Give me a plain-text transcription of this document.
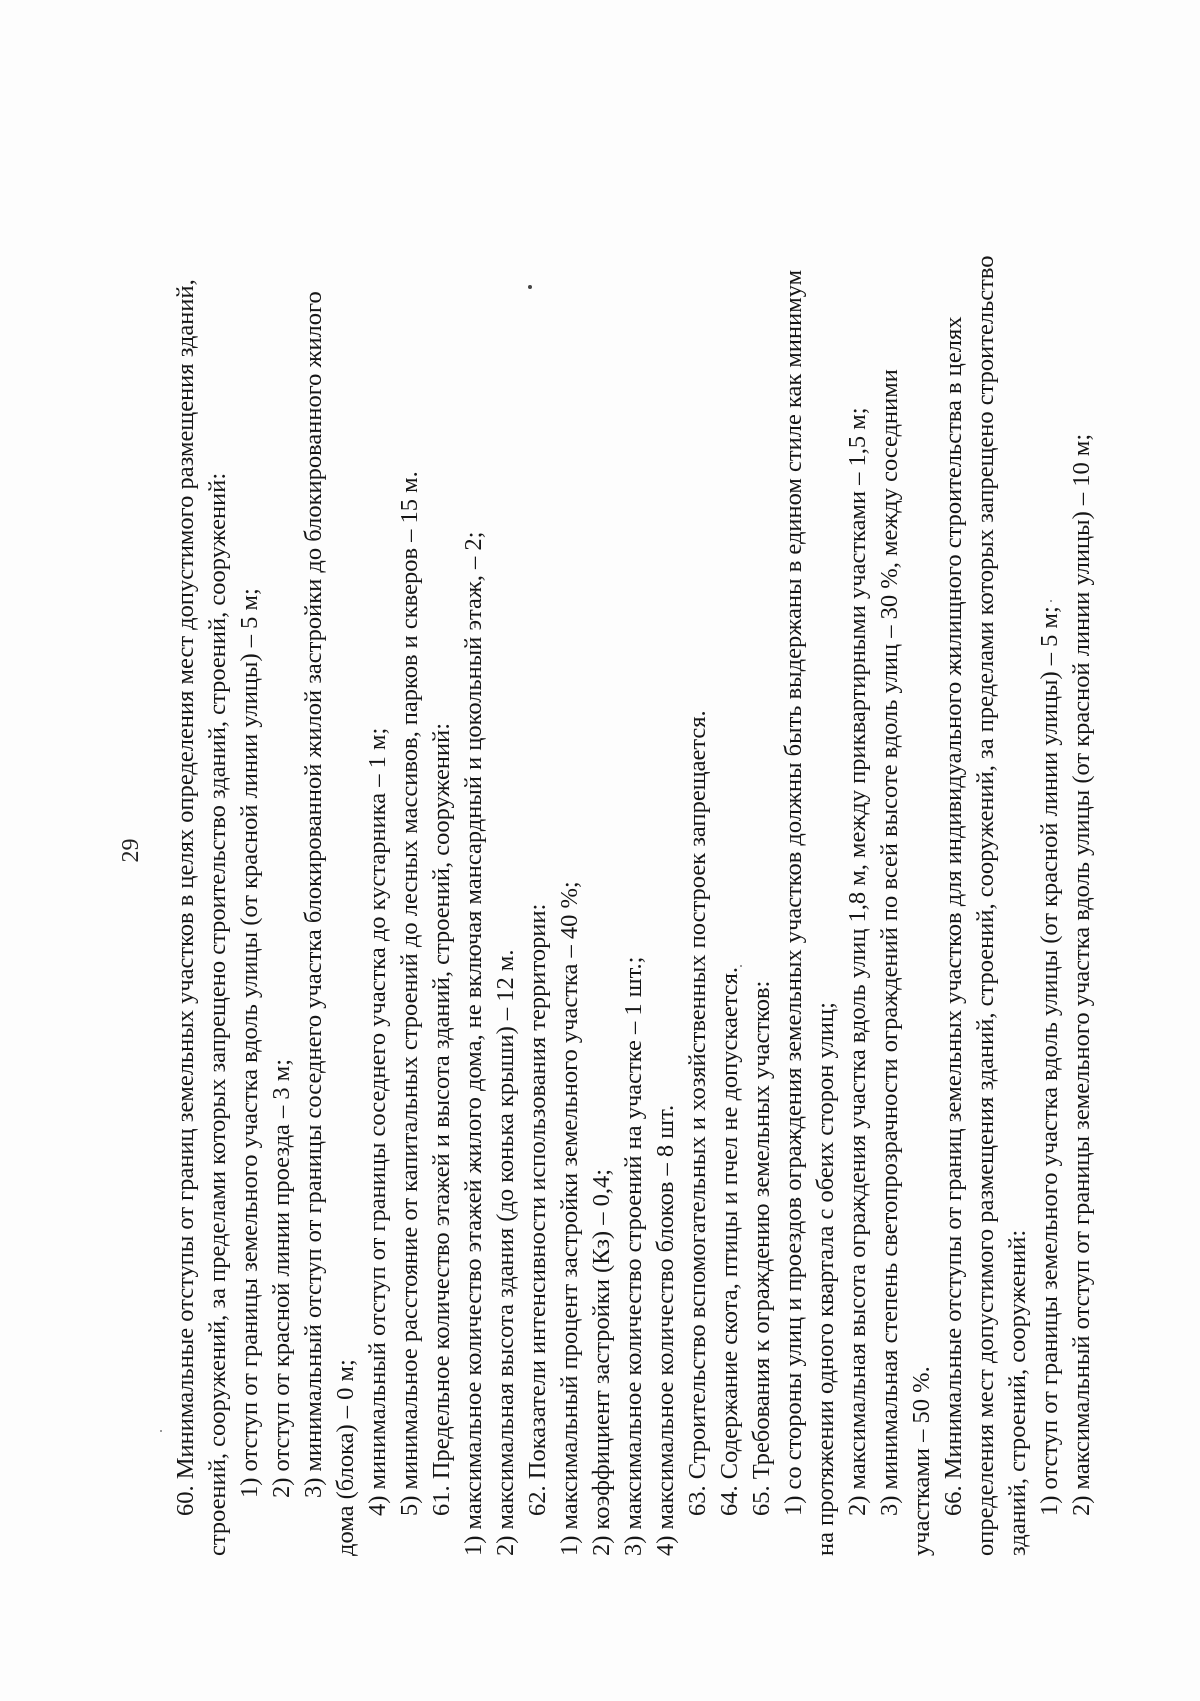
29 60. Минимальные отступы от границ земельных участков в целях определения мест допустимого размещения зданий, строений, сооружений, за пределами которых запрещено строительство зданий, строений, сооружений: 1) отступ от границы земельного участка вдоль улицы (от красной линии улицы) – 5 м; 2) отступ от красной линии проезда – 3 м; 3) минимальный отступ от границы соседнего участка блокированной жилой застройки до блокированного жилого дома (блока) – 0 м; 4) минимальный отступ от границы соседнего участка до кустарника – 1 м; 5) минимальное расстояние от капитальных строений до лесных массивов, парков и скверов – 15 м. 61. Предельное количество этажей и высота зданий, строений, сооружений: 1) максимальное количество этажей жилого дома, не включая мансардный и цокольный этаж, – 2; 2) максимальная высота здания (до конька крыши) – 12 м. 62. Показатели интенсивности использования территории: 1) максимальный процент застройки земельного участка – 40 %; 2) коэффициент застройки (Кз) – 0,4; 3) максимальное количество строений на участке – 1 шт.; 4) максимальное количество блоков – 8 шт. 63. Строительство вспомогательных и хозяйственных построек запрещается. 64. Содержание скота, птицы и пчел не допускается. 65. Требования к ограждению земельных участков: 1) со стороны улиц и проездов ограждения земельных участков должны быть выдержаны в едином стиле как минимум на протяжении одного квартала с обеих сторон улиц; 2) максимальная высота ограждения участка вдоль улиц 1,8 м, между приквартирными участками – 1,5 м; 3) минимальная степень светопрозрачности ограждений по всей высоте вдоль улиц – 30 %, между соседними участками – 50 %. 66. Минимальные отступы от границ земельных участков для индивидуального жилищного строительства в целях определения мест допустимого размещения зданий, строений, сооружений, за пределами которых запрещено строительство зданий, строений, сооружений: 1) отступ от границы земельного участка вдоль улицы (от красной линии улицы) – 5 м; 2) максимальный отступ от границы земельного участка вдоль улицы (от красной линии улицы) – 10 м;
